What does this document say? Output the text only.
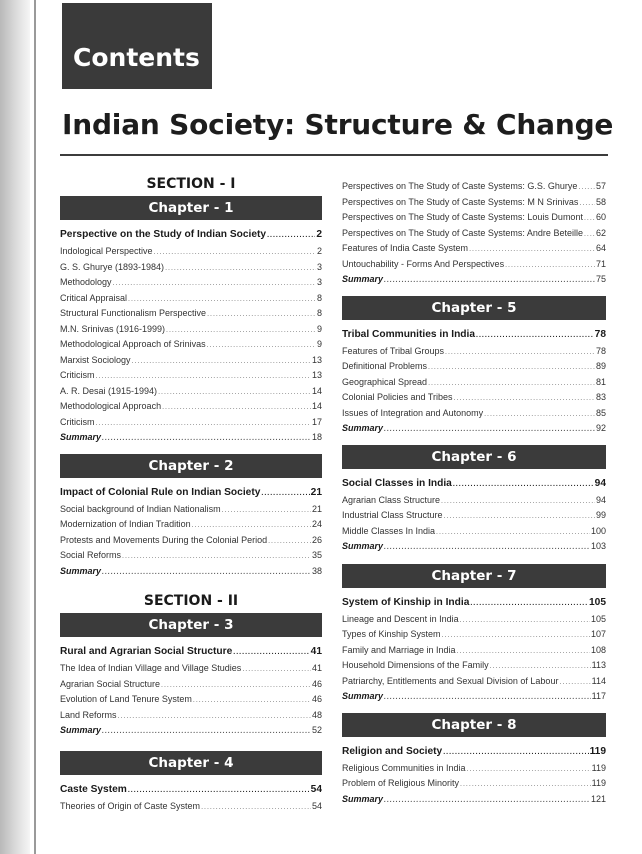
Contents
Indian Society: Structure & Change
SECTION - I
Chapter - 1
Perspective on the Study of Indian Society .....	2
Indological Perspective .....	2
G. S. Ghurye (1893-1984) .....	3
Methodology .....	3
Critical Appraisal .....	8
Structural Functionalism Perspective .....	8
M.N. Srinivas (1916-1999) .....	9
Methodological Approach of Srinivas .....	9
Marxist Sociology .....	13
Criticism .....	13
A. R. Desai (1915-1994) .....	14
Methodological Approach .....	14
Criticism .....	17
Summary .....	18
Chapter - 2
Impact of Colonial Rule on Indian Society .....	21
Social background of Indian Nationalism .....	21
Modernization of Indian Tradition .....	24
Protests and Movements During the Colonial Period .....	26
Social Reforms .....	35
Summary .....	38
SECTION - II
Chapter - 3
Rural and Agrarian Social Structure .....	41
The Idea of Indian Village and Village Studies .....	41
Agrarian Social Structure .....	46
Evolution of Land Tenure System .....	46
Land Reforms .....	48
Summary .....	52
Chapter - 4
Caste System .....	54
Theories of Origin of Caste System .....	54
Perspectives on The Study of Caste Systems: G.S. Ghurye ..... 57
Perspectives on The Study of Caste Systems: M N Srinivas ..... 58
Perspectives on The Study of Caste Systems: Louis Dumont ..... 60
Perspectives on The Study of Caste Systems: Andre Beteille ..... 62
Features of India Caste System .....	64
Untouchability - Forms And Perspectives .....	71
Summary .....	75
Chapter - 5
Tribal Communities in India .....	78
Features of Tribal Groups .....	78
Definitional Problems .....	89
Geographical Spread .....	81
Colonial Policies and Tribes .....	83
Issues of Integration and Autonomy .....	85
Summary .....	92
Chapter - 6
Social Classes in India .....	94
Agrarian Class Structure .....	94
Industrial Class Structure .....	99
Middle Classes In India .....	100
Summary .....	103
Chapter - 7
System of Kinship in India .....	105
Lineage and Descent in India .....	105
Types of Kinship System .....	107
Family and Marriage in India .....	108
Household Dimensions of the Family .....	113
Patriarchy, Entitlements and Sexual Division of Labour .....	114
Summary .....	117
Chapter - 8
Religion and Society .....	119
Religious Communities in India .....	119
Problem of Religious Minority .....	119
Summary .....	121
